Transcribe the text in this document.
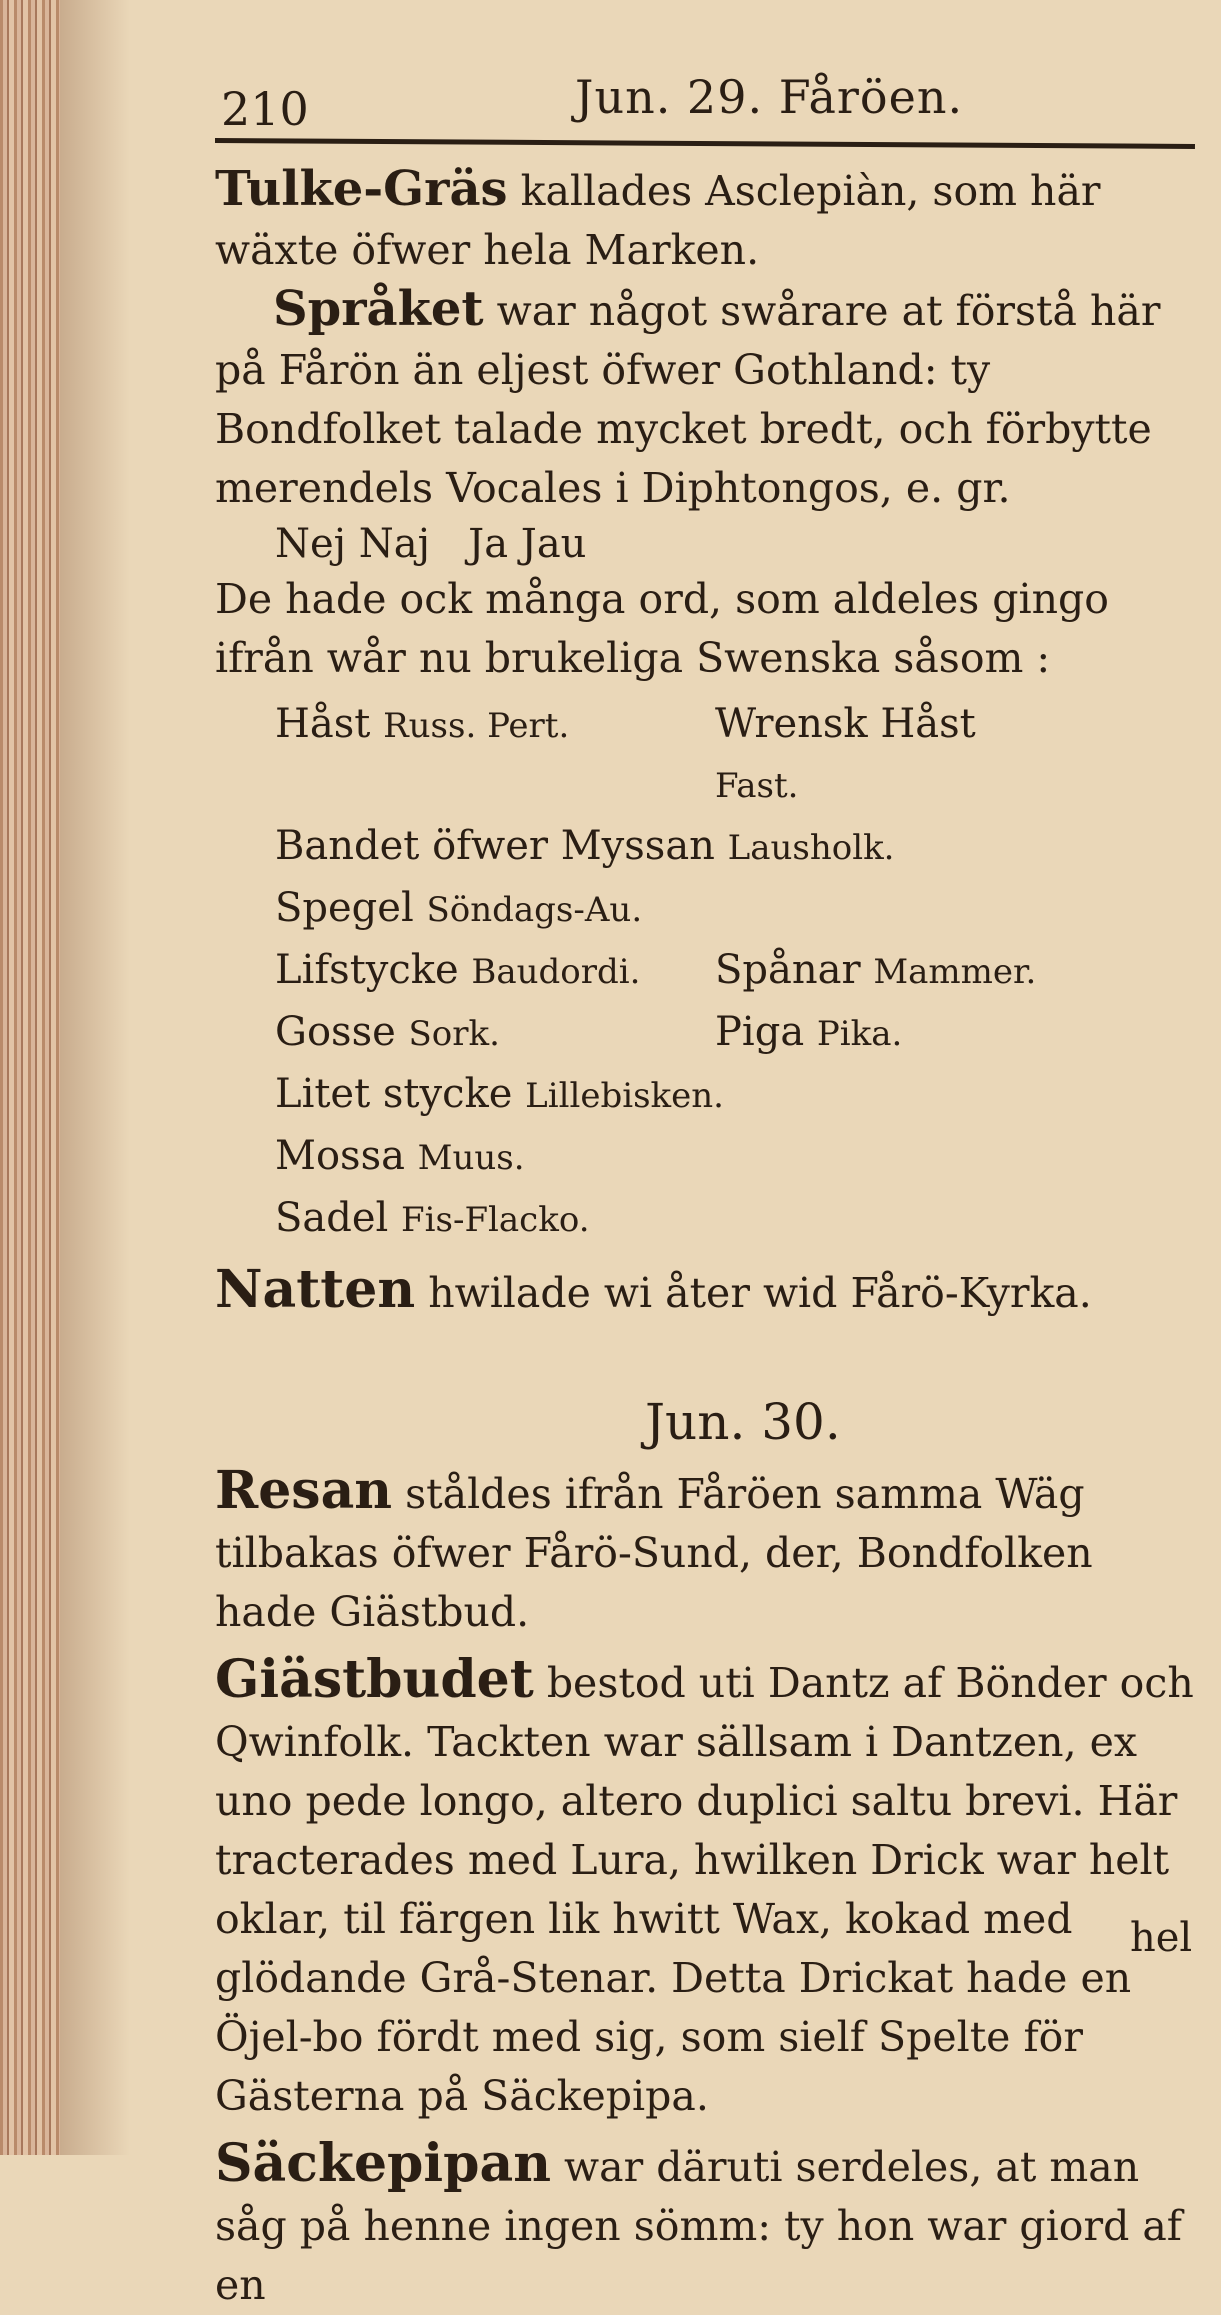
210	Jun. 29. Fåröen.

Tulke-Gräs kallades Asclepiàn, som här wäxte öfwer hela Marken.

Språket war något swårare at förstå här på Fårön än eljest öfwer Gothland: ty Bondfolket talade mycket bredt, och förbytte merendels Vocales i Diphtongos, e. gr.

Nej Naj   Ja Jau

De hade ock många ord, som aldeles gingo ifrån wår nu brukeliga Swenska såsom :

Håst Russ. Pert.	Wrensk Håst Fast.
Bandet öfwer Myssan Lausholk.	
Spegel Söndags-Au.	
Lifstycke Baudordi.	Spånar Mammer.
Gosse Sork.	Piga Pika.
Litet stycke Lillebisken.	
Mossa Muus.	
Sadel Fis-Flacko.	

Natten hwilade wi åter wid Fårö-Kyrka.

Jun. 30.

Resan ståldes ifrån Fåröen samma Wäg tilbakas öfwer Fårö-Sund, der, Bondfolken hade Giästbud.

Giästbudet bestod uti Dantz af Bönder och Qwinfolk. Tackten war sällsam i Dantzen, ex uno pede longo, altero duplici saltu brevi. Här tracterades med Lura, hwilken Drick war helt oklar, til färgen lik hwitt Wax, kokad med glödande Grå-Stenar. Detta Drickat hade en Öjel-bo fördt med sig, som sielf Spelte för Gästerna på Säckepipa.

Säckepipan war däruti serdeles, at man såg på henne ingen sömm: ty hon war giord af en

hel
